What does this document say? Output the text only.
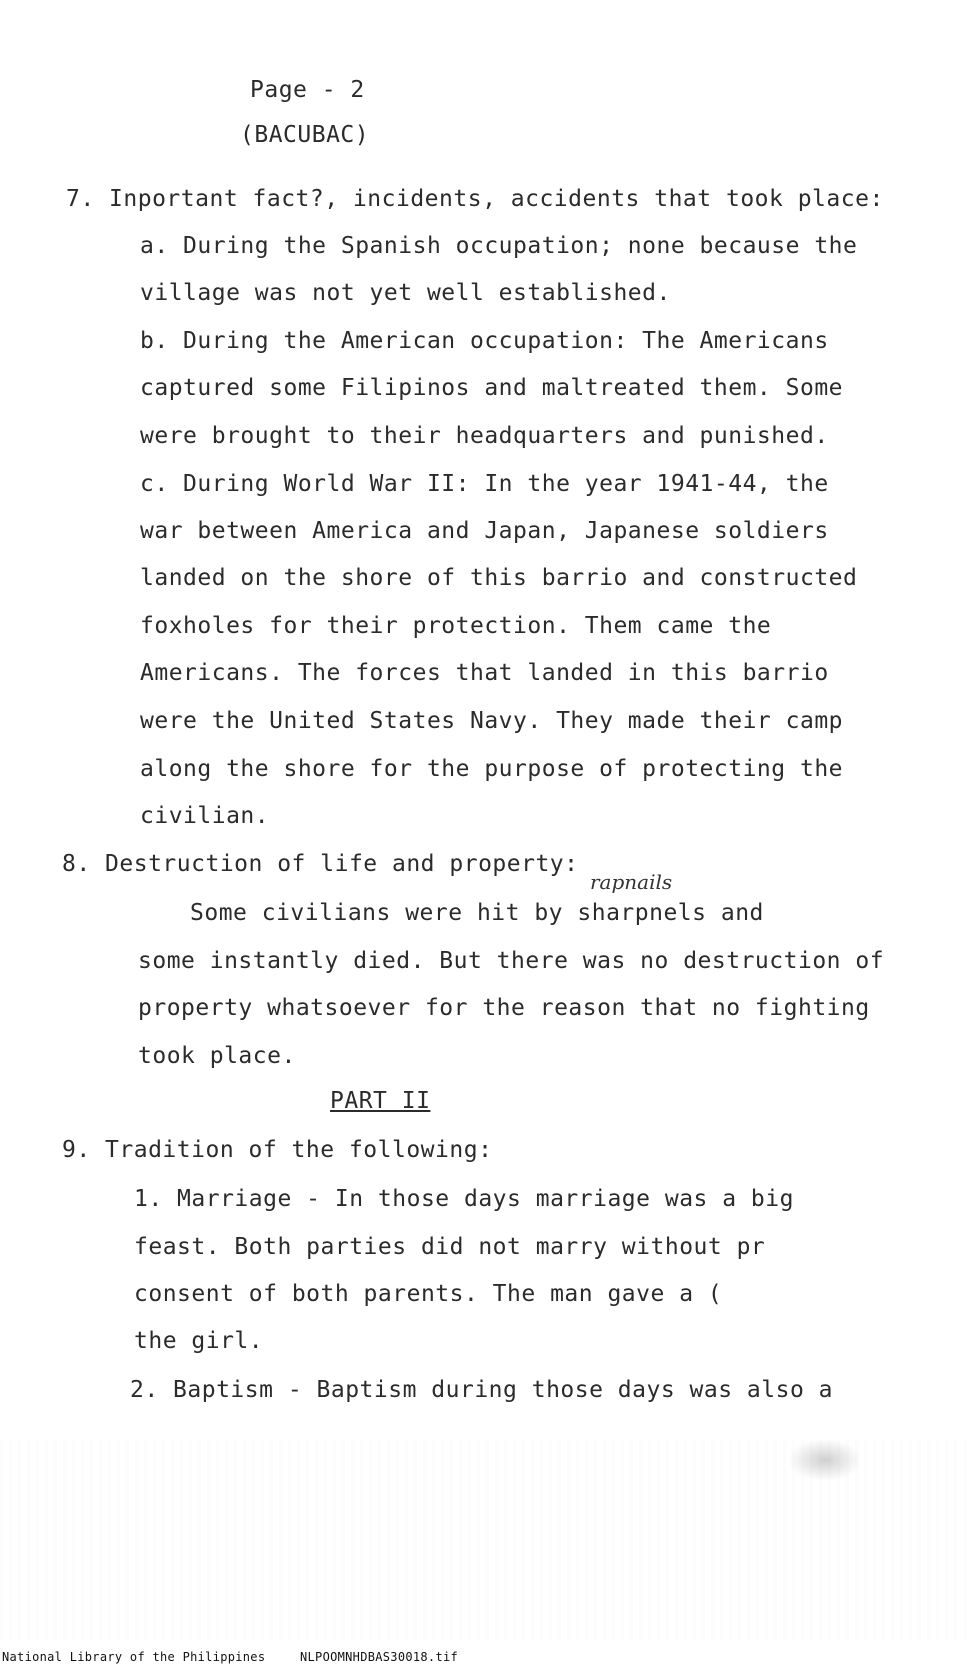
Page - 2
(BACUBAC)
7. Inportant fact?, incidents, accidents that took place:
a. During the Spanish occupation; none because the
village was not yet well established.
b. During the American occupation: The Americans
captured some Filipinos and maltreated them. Some
were brought to their headquarters and punished.
c. During World War II: In the year 1941-44, the
war between America and Japan, Japanese soldiers
landed on the shore of this barrio and constructed
foxholes for their protection. Them came the
Americans. The forces that landed in this barrio
were the United States Navy. They made their camp
along the shore for the purpose of protecting the
civilian.
8. Destruction of life and property:
rapnails
Some civilians were hit by sharpnels and
some instantly died. But there was no destruction of
property whatsoever for the reason that no fighting
took place.
PART II
9. Tradition of the following:
1. Marriage - In those days marriage was a big
feast. Both parties did not marry without pr
consent of both parents. The man gave a (
the girl.
2. Baptism - Baptism during those days was also a
National Library of the Philippines	NLPOOMNHDBAS30018.tif
